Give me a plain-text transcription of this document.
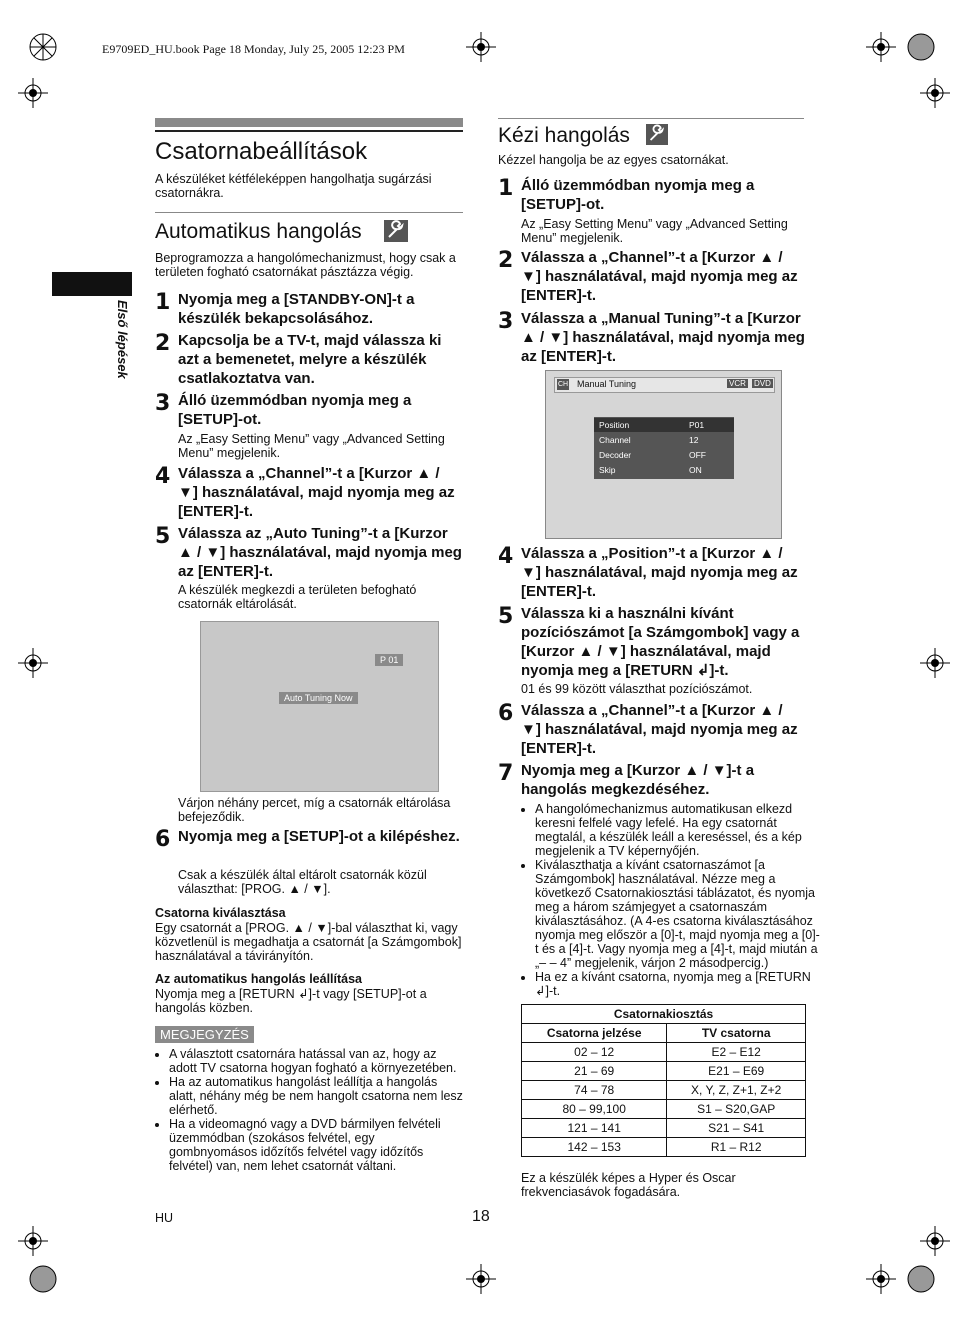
E9709ED_HU.book Page 18 Monday, July 25, 2005 12:23 PM
Első lépések
Csatornabeállítások
A készüléket kétféleképpen hangolhatja sugárzási csatornákra.
Automatikus hangolás
Beprogramozza a hangolómechanizmust, hogy csak a területen fogható csatornákat pásztázza végig.
1 Nyomja meg a [STANDBY-ON]-t a készülék bekapcsolásához.
2 Kapcsolja be a TV-t, majd válassza ki azt a bemenetet, melyre a készülék csatlakoztatva van.
3 Álló üzemmódban nyomja meg a [SETUP]-ot.
Az „Easy Setting Menu” vagy „Advanced Setting Menu” megjelenik.
4 Válassza a „Channel”-t a [Kurzor ▲ / ▼] használatával, majd nyomja meg az [ENTER]-t.
5 Válassza az „Auto Tuning”-t a [Kurzor ▲ / ▼] használatával, majd nyomja meg az [ENTER]-t.
A készülék megkezdi a területen befogható csatornák eltárolását.
P 01
Auto Tuning Now
Várjon néhány percet, míg a csatornák eltárolása befejeződik.
6 Nyomja meg a [SETUP]-ot a kilépéshez.
Csak a készülék által eltárolt csatornák közül választhat: [PROG. ▲ / ▼].
Csatorna kiválasztása
Egy csatornát a [PROG. ▲ / ▼]-bal választhat ki, vagy közvetlenül is megadhatja a csatornát [a Számgombok] használatával a távirányítón.
Az automatikus hangolás leállítása
Nyomja meg a [RETURN ↲]-t vagy [SETUP]-ot a hangolás közben.
MEGJEGYZÉS
• A választott csatornára hatással van az, hogy az adott TV csatorna hogyan fogható a környezetében.
• Ha az automatikus hangolást leállítja a hangolás alatt, néhány még be nem hangolt csatorna nem lesz elérhető.
• Ha a videomagnó vagy a DVD bármilyen felvételi üzemmódban (szokásos felvétel, egy gombnyomásos időzítős felvétel vagy időzítős felvétel) van, nem lehet csatornát váltani.
HU
Kézi hangolás
Kézzel hangolja be az egyes csatornákat.
1 Álló üzemmódban nyomja meg a [SETUP]-ot.
Az „Easy Setting Menu” vagy „Advanced Setting Menu” megjelenik.
2 Válassza a „Channel”-t a [Kurzor ▲ / ▼] használatával, majd nyomja meg az [ENTER]-t.
3 Válassza a „Manual Tuning”-t a [Kurzor ▲ / ▼] használatával, majd nyomja meg az [ENTER]-t.
CH Manual Tuning	VCR DVD
Position	P01
Channel	12
Decoder	OFF
Skip	ON
4 Válassza a „Position”-t a [Kurzor ▲ / ▼] használatával, majd nyomja meg az [ENTER]-t.
5 Válassza ki a használni kívánt pozíciószámot [a Számgombok] vagy a [Kurzor ▲ / ▼] használatával, majd nyomja meg a [RETURN ↲]-t.
01 és 99 között választhat pozíciószámot.
6 Válassza a „Channel”-t a [Kurzor ▲ / ▼] használatával, majd nyomja meg az [ENTER]-t.
7 Nyomja meg a [Kurzor ▲ / ▼]-t a hangolás megkezdéséhez.
• A hangolómechanizmus automatikusan elkezd keresni felfelé vagy lefelé. Ha egy csatornát megtalál, a készülék leáll a kereséssel, és a kép megjelenik a TV képernyőjén.
• Kiválaszthatja a kívánt csatornaszámot [a Számgombok] használatával. Nézze meg a következő Csatornakiosztási táblázatot, és nyomja meg a három számjegyet a csatornaszám kiválasztásához. (A 4-es csatorna kiválasztásához nyomja meg először a [0]-t, majd nyomja meg a [0]-t és a [4]-t. Vagy nyomja meg a [4]-t, majd miután a „– – 4” megjelenik, várjon 2 másodpercig.)
• Ha ez a kívánt csatorna, nyomja meg a [RETURN ↲]-t.
Csatornakiosztás	
Csatorna jelzése	TV csatorna
02 – 12	E2 – E12
21 – 69	E21 – E69
74 – 78	X, Y, Z, Z+1, Z+2
80 – 99,100	S1 – S20,GAP
121 – 141	S21 – S41
142 – 153	R1 – R12
Ez a készülék képes a Hyper és Oscar frekvenciasávok fogadására.
18
